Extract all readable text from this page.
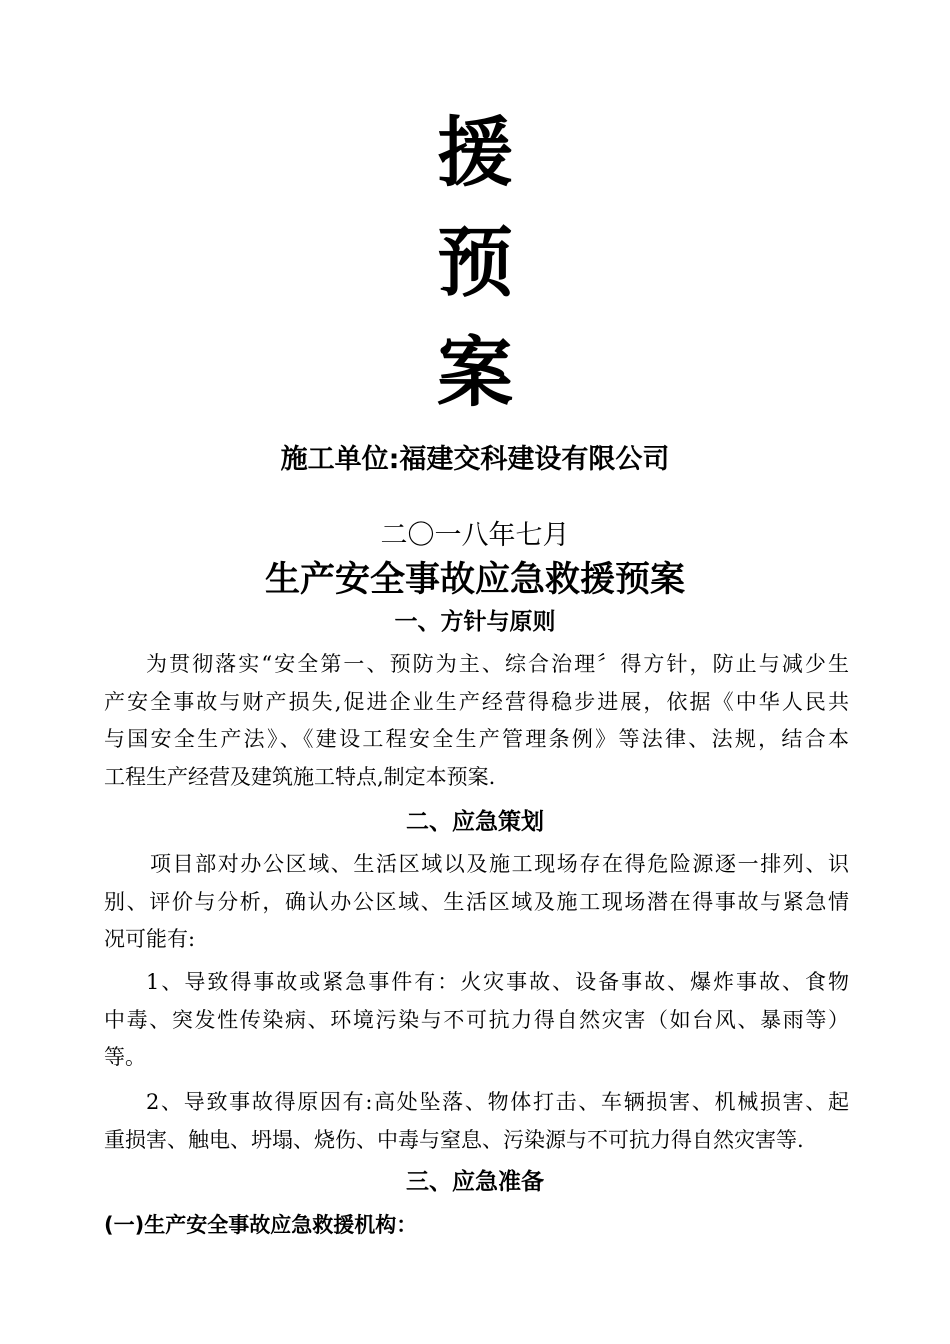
援
预
案
施工单位:福建交科建设有限公司
二〇一八年七月
生产安全事故应急救援预案
一、方针与原则
为贯彻落实“安全第一、预防为主、综合治理〞得方针，防止与减少生
产安全事故与财产损失,促进企业生产经营得稳步进展，依据《中华人民共
与国安全生产法》、《建设工程安全生产管理条例》等法律、法规，结合本
工程生产经营及建筑施工特点,制定本预案.
二、应急策划
项目部对办公区域、生活区域以及施工现场存在得危险源逐一排列、识
别、评价与分析，确认办公区域、生活区域及施工现场潜在得事故与紧急情
况可能有:
1、导致得事故或紧急事件有：火灾事故、设备事故、爆炸事故、食物
中毒、突发性传染病、环境污染与不可抗力得自然灾害（如台风、暴雨等）
等。
2、导致事故得原因有:高处坠落、物体打击、车辆损害、机械损害、起
重损害、触电、坍塌、烧伤、中毒与窒息、污染源与不可抗力得自然灾害等.
三、应急准备
(一)生产安全事故应急救援机构：
